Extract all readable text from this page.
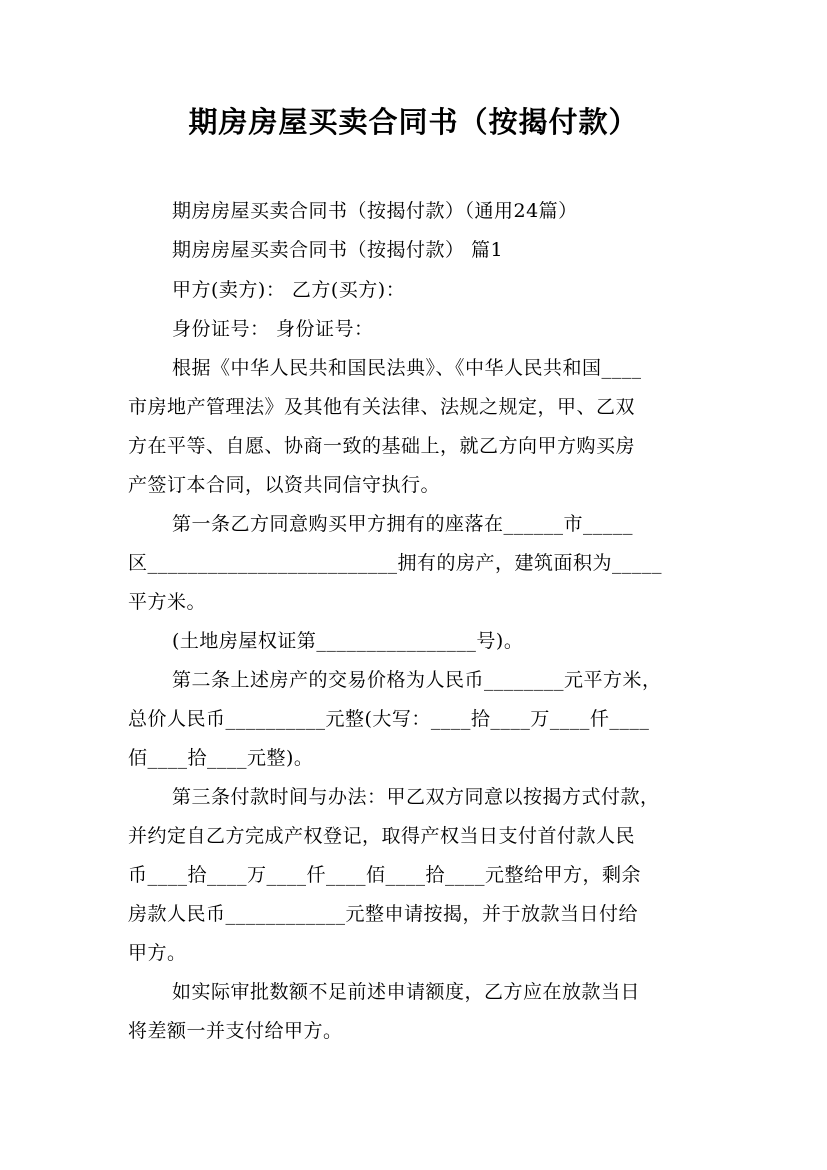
期房房屋买卖合同书（按揭付款）
期房房屋买卖合同书（按揭付款）（通用24篇）
期房房屋买卖合同书（按揭付款） 篇1
甲方(卖方)： 乙方(买方)：
身份证号： 身份证号：
根据《中华人民共和国民法典》、《中华人民共和国____
市房地产管理法》及其他有关法律、法规之规定，甲、乙双
方在平等、自愿、协商一致的基础上，就乙方向甲方购买房
产签订本合同，以资共同信守执行。
第一条乙方同意购买甲方拥有的座落在______市_____
区_________________________拥有的房产，建筑面积为_____
平方米。
(土地房屋权证第________________号)。
第二条上述房产的交易价格为人民币________元平方米，
总价人民币__________元整(大写：____拾____万____仟____
佰____拾____元整)。
第三条付款时间与办法：甲乙双方同意以按揭方式付款，
并约定自乙方完成产权登记，取得产权当日支付首付款人民
币____拾____万____仟____佰____拾____元整给甲方，剩余
房款人民币____________元整申请按揭，并于放款当日付给
甲方。
如实际审批数额不足前述申请额度，乙方应在放款当日
将差额一并支付给甲方。
